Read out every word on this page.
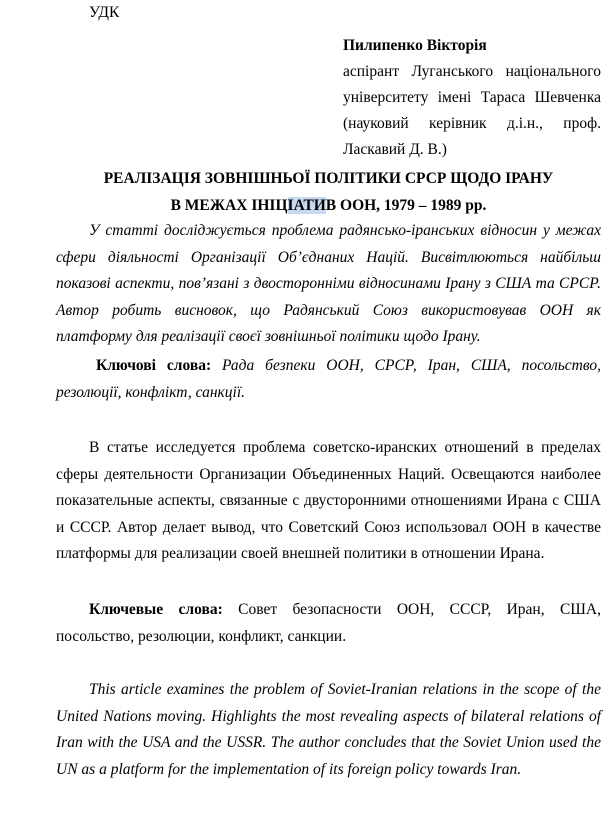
УДК
Пилипенко Вікторія
аспірант Луганського національного університету імені Тараса Шевченка (науковий керівник д.і.н., проф. Ласкавий Д. В.)
РЕАЛІЗАЦІЯ ЗОВНІШНЬОЇ ПОЛІТИКИ СРСР ЩОДО ІРАНУ
В МЕЖАХ ІНІЦІАТИВ ООН, 1979 – 1989 рр.
У статті досліджується проблема радянсько-іранських відносин у межах сфери діяльності Організації Об’єднаних Націй. Висвітлюються найбільш показові аспекти, пов’язані з двосторонніми відносинами Ірану з США та СРСР. Автор робить висновок, що Радянський Союз використовував ООН як платформу для реалізації своєї зовнішньої політики щодо Ірану.
Ключові слова: Рада безпеки ООН, СРСР, Іран, США, посольство, резолюції, конфлікт, санкції.
В статье исследуется проблема советско-иранских отношений в пределах сферы деятельности Организации Объединенных Наций. Освещаются наиболее показательные аспекты, связанные с двусторонними отношениями Ирана с США и СССР. Автор делает вывод, что Советский Союз использовал ООН в качестве платформы для реализации своей внешней политики в отношении Ирана.
Ключевые слова: Совет безопасности ООН, СССР, Иран, США, посольство, резолюции, конфликт, санкции.
This article examines the problem of Soviet-Iranian relations in the scope of the United Nations moving. Highlights the most revealing aspects of bilateral relations of Iran with the USA and the USSR. The author concludes that the Soviet Union used the UN as a platform for the implementation of its foreign policy towards Iran.
